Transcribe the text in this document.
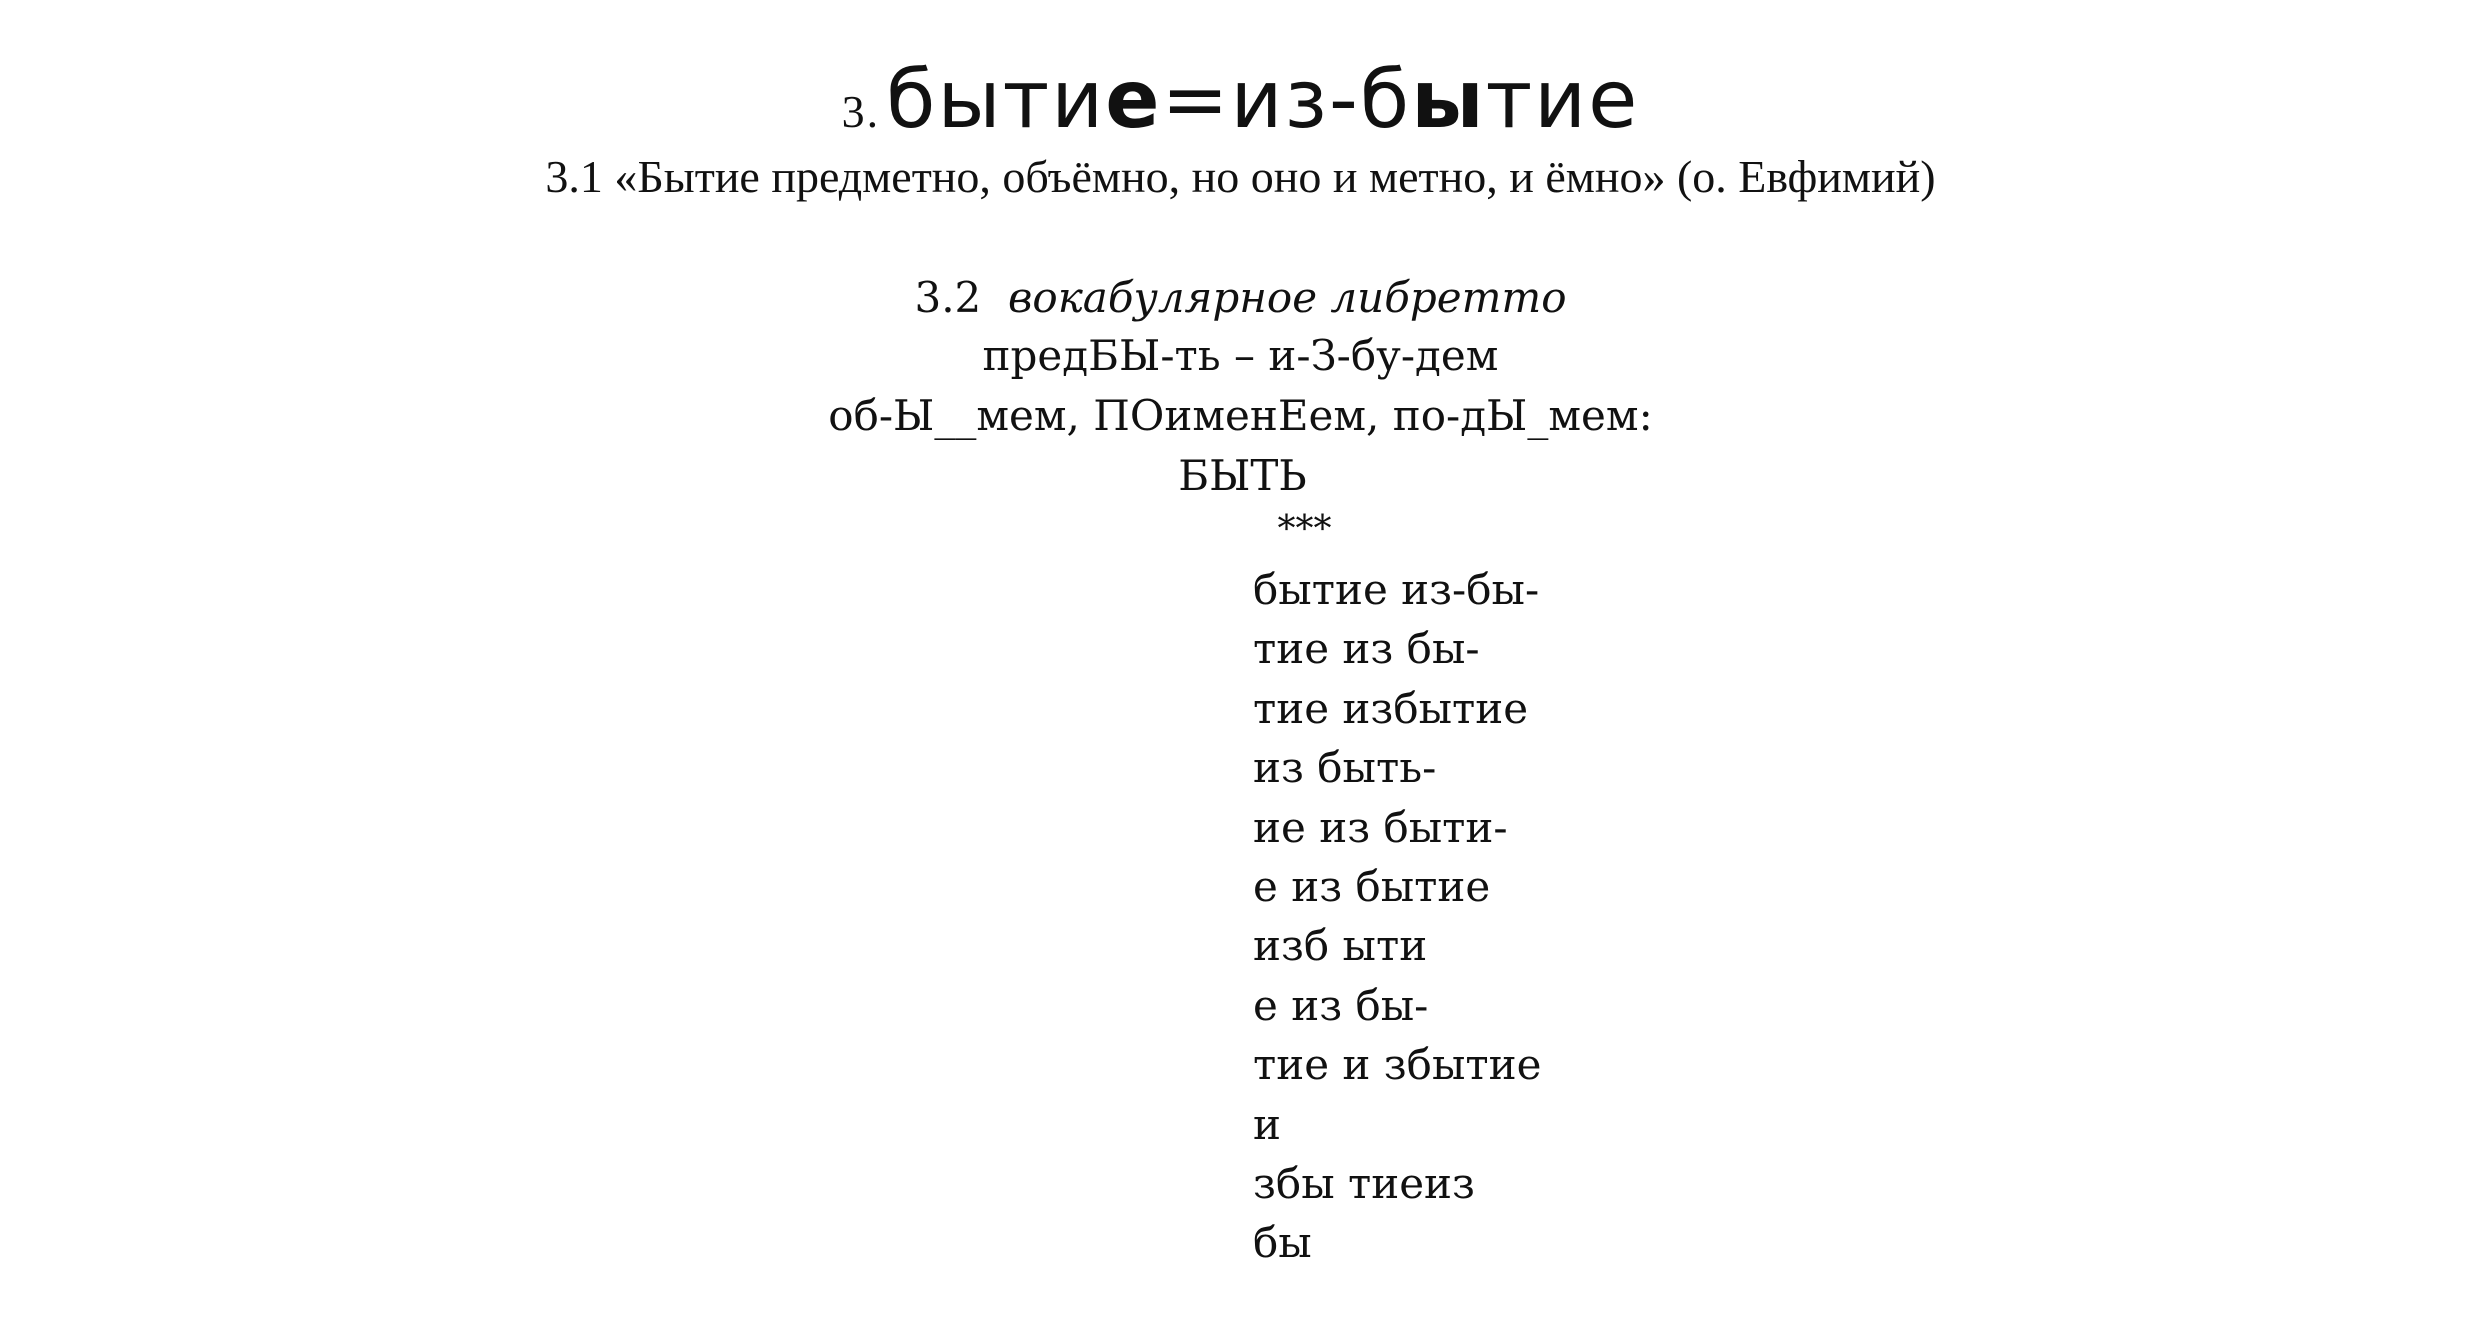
3.бытие=из-бытие
3.1 «Бытие предметно, объёмно, но оно и метно, и ёмно» (о. Евфимий)
3.2 вокабулярное либретто
предБЫ-ть – и-З-бу-дем
об-Ы__мем, ПОименЕем, по-дЫ_мем:
БЫТЬ
***
бытие из-бы-
тие из бы-
тие избытие
из быть-
ие из быти-
е из бытие
изб ыти
е из бы-
тие и збытие
и
збы тиеиз
бы
